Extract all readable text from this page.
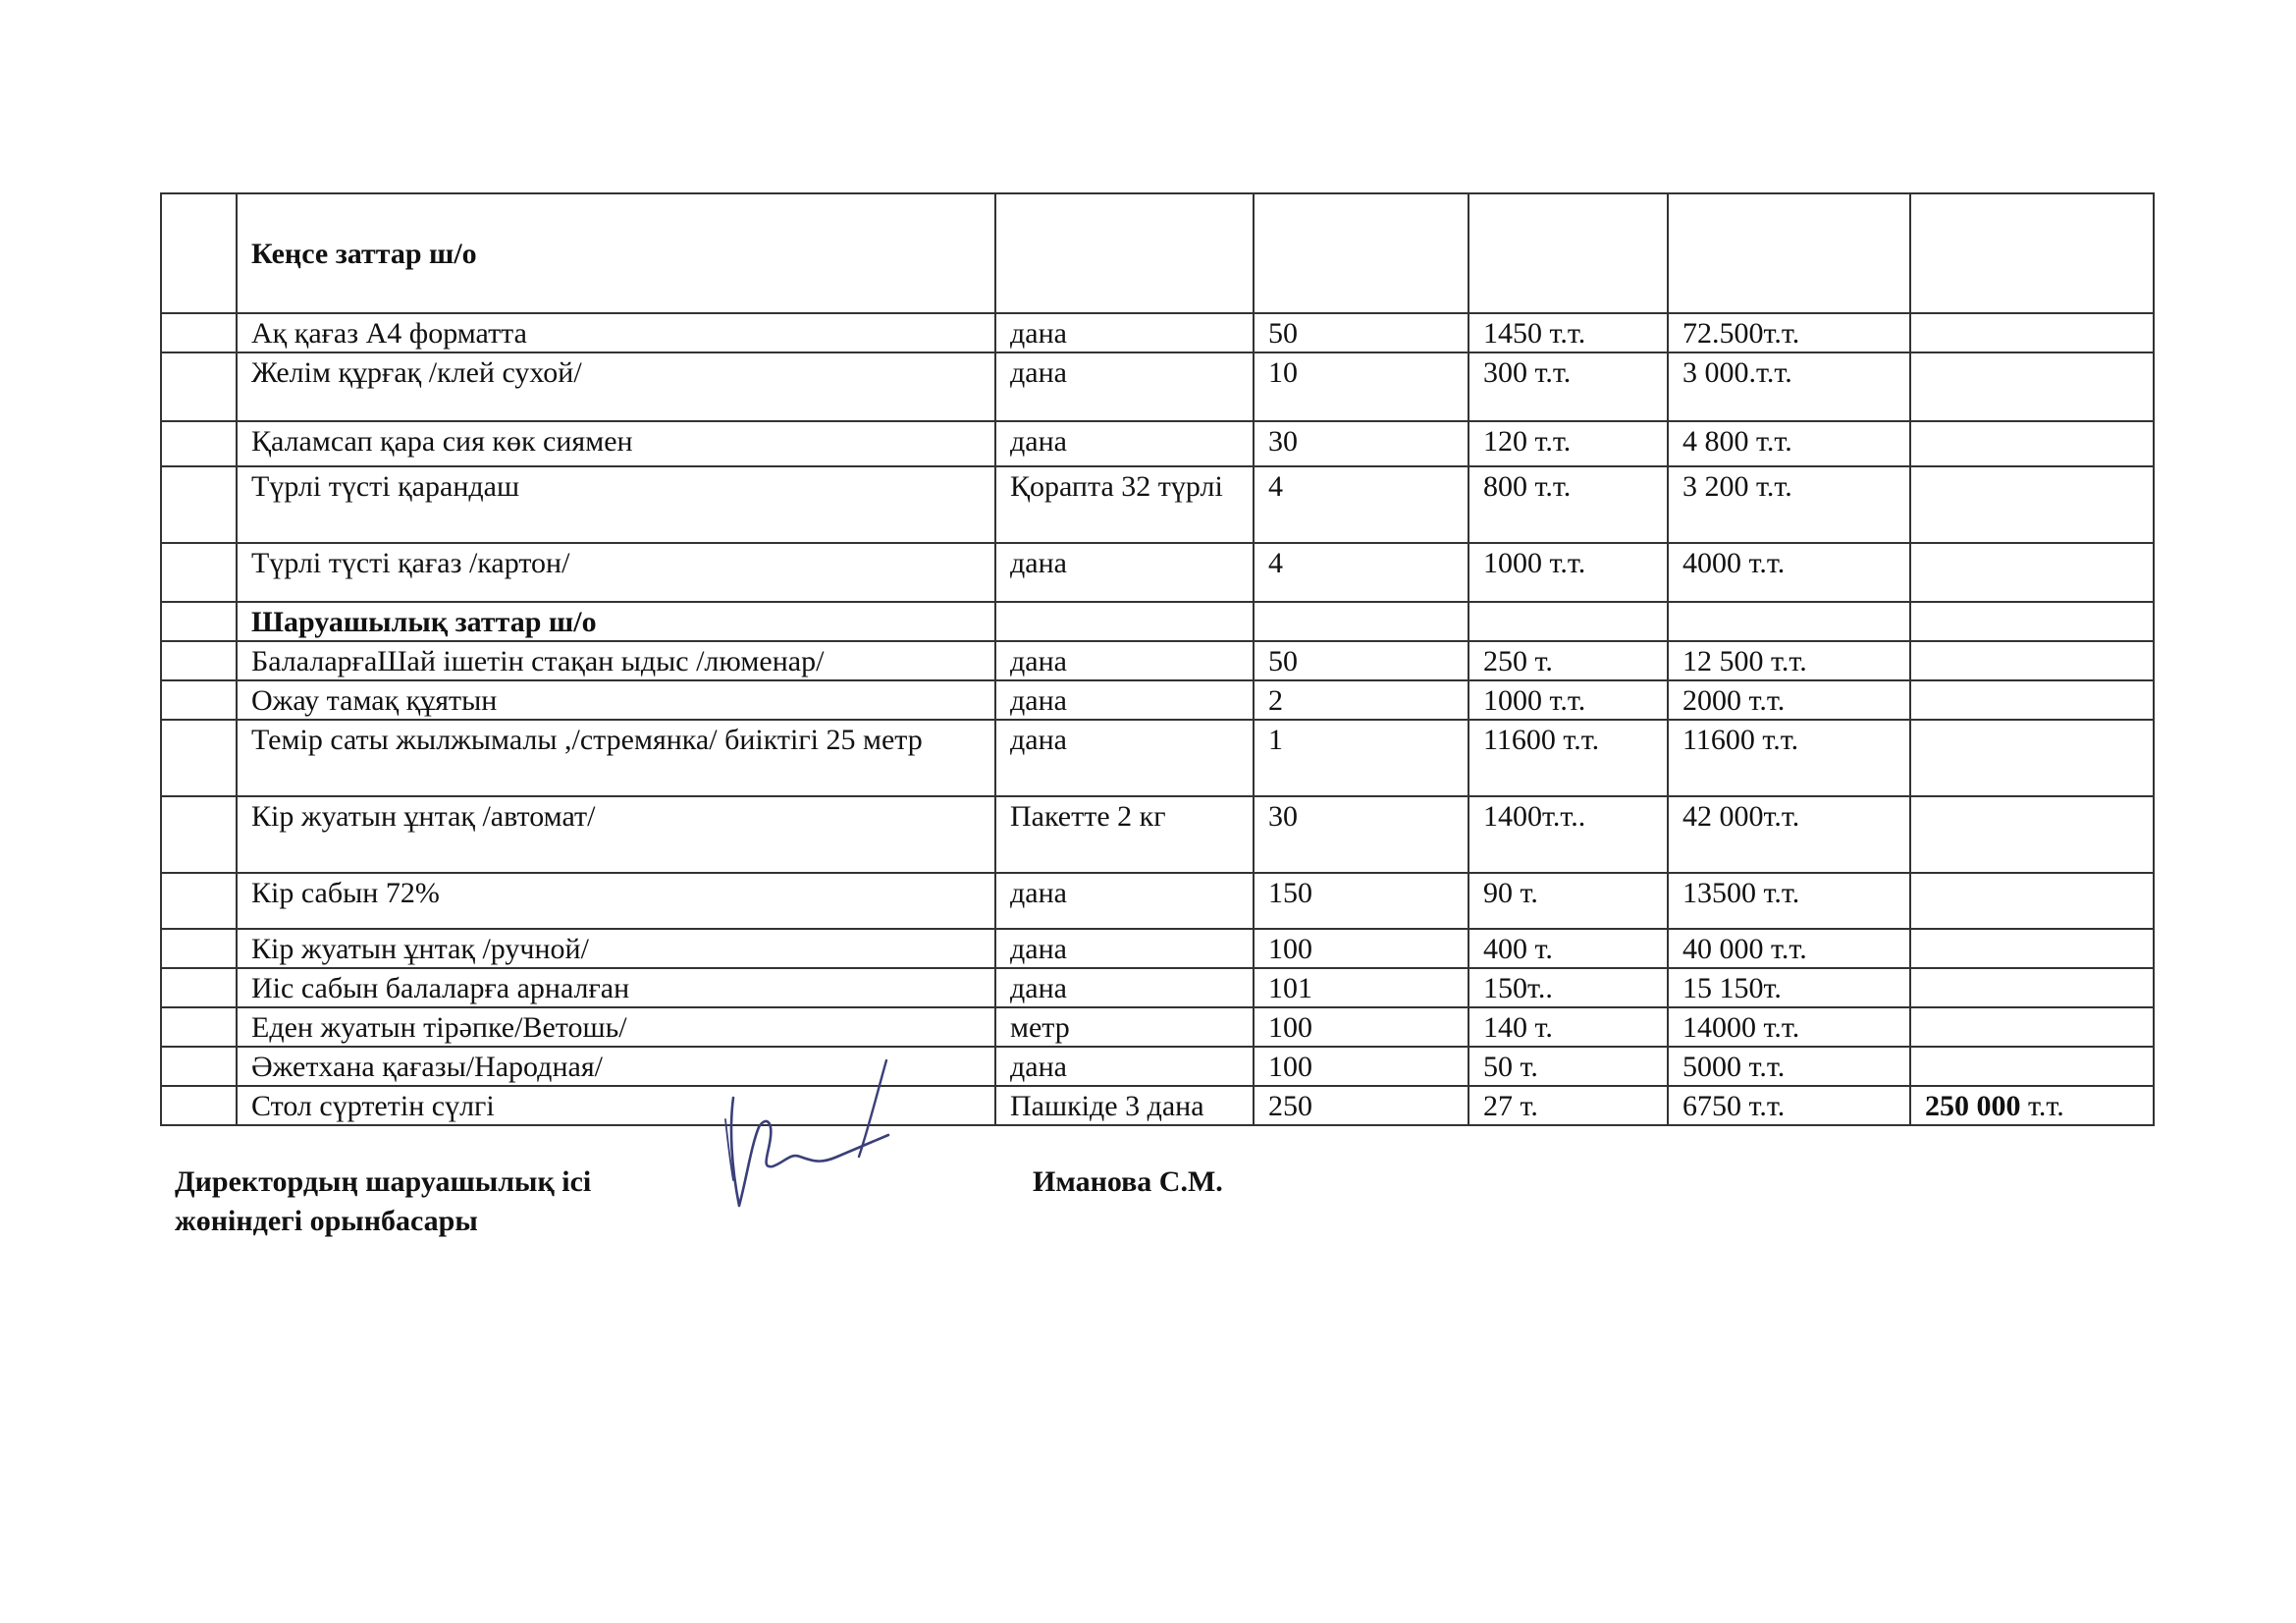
	Кеңсе заттар ш/о					
	Ақ қағаз А4 форматта	дана	50	1450 т.т.	72.500т.т.	
	Желім құрғақ /клей сухой/	дана	10	300 т.т.	3 000.т.т.	
	Қаламсап қара сия көк сиямен	дана	30	120 т.т.	4 800 т.т.	
	Түрлі түсті қарандаш	Қорапта 32 түрлі	4	800 т.т.	3 200 т.т.	
	Түрлі түсті қағаз /картон/	дана	4	1000 т.т.	4000 т.т.	
	Шаруашылық заттар ш/о					
	БалаларғаШай ішетін стақан ыдыс /люменар/	дана	50	250 т.	12 500 т.т.	
	Ожау тамақ құятын	дана	2	1000 т.т.	2000 т.т.	
	Темір саты жылжымалы ,/стремянка/ биіктігі 25 метр	дана	1	11600 т.т.	11600 т.т.	
	Кір жуатын ұнтақ /автомат/	Пакетте 2 кг	30	1400т.т..	42 000т.т.	
	Кір сабын 72%	дана	150	90 т.	13500 т.т.	
	Кір жуатын ұнтақ /ручной/	дана	100	400 т.	40 000 т.т.	
	Иіс сабын балаларға арналған	дана	101	150т..	15 150т.	
	Еден жуатын тірәпке/Ветошь/	метр	100	140 т.	14000 т.т.	
	Әжетхана қағазы/Народная/	дана	100	50 т.	5000 т.т.	
	Стол сүртетін сүлгі	Пашкіде 3 дана	250	27 т.	6750 т.т.	250 000 т.т.
Директордың шаруашылық ісі
жөніндегі орынбасары
Иманова С.М.
